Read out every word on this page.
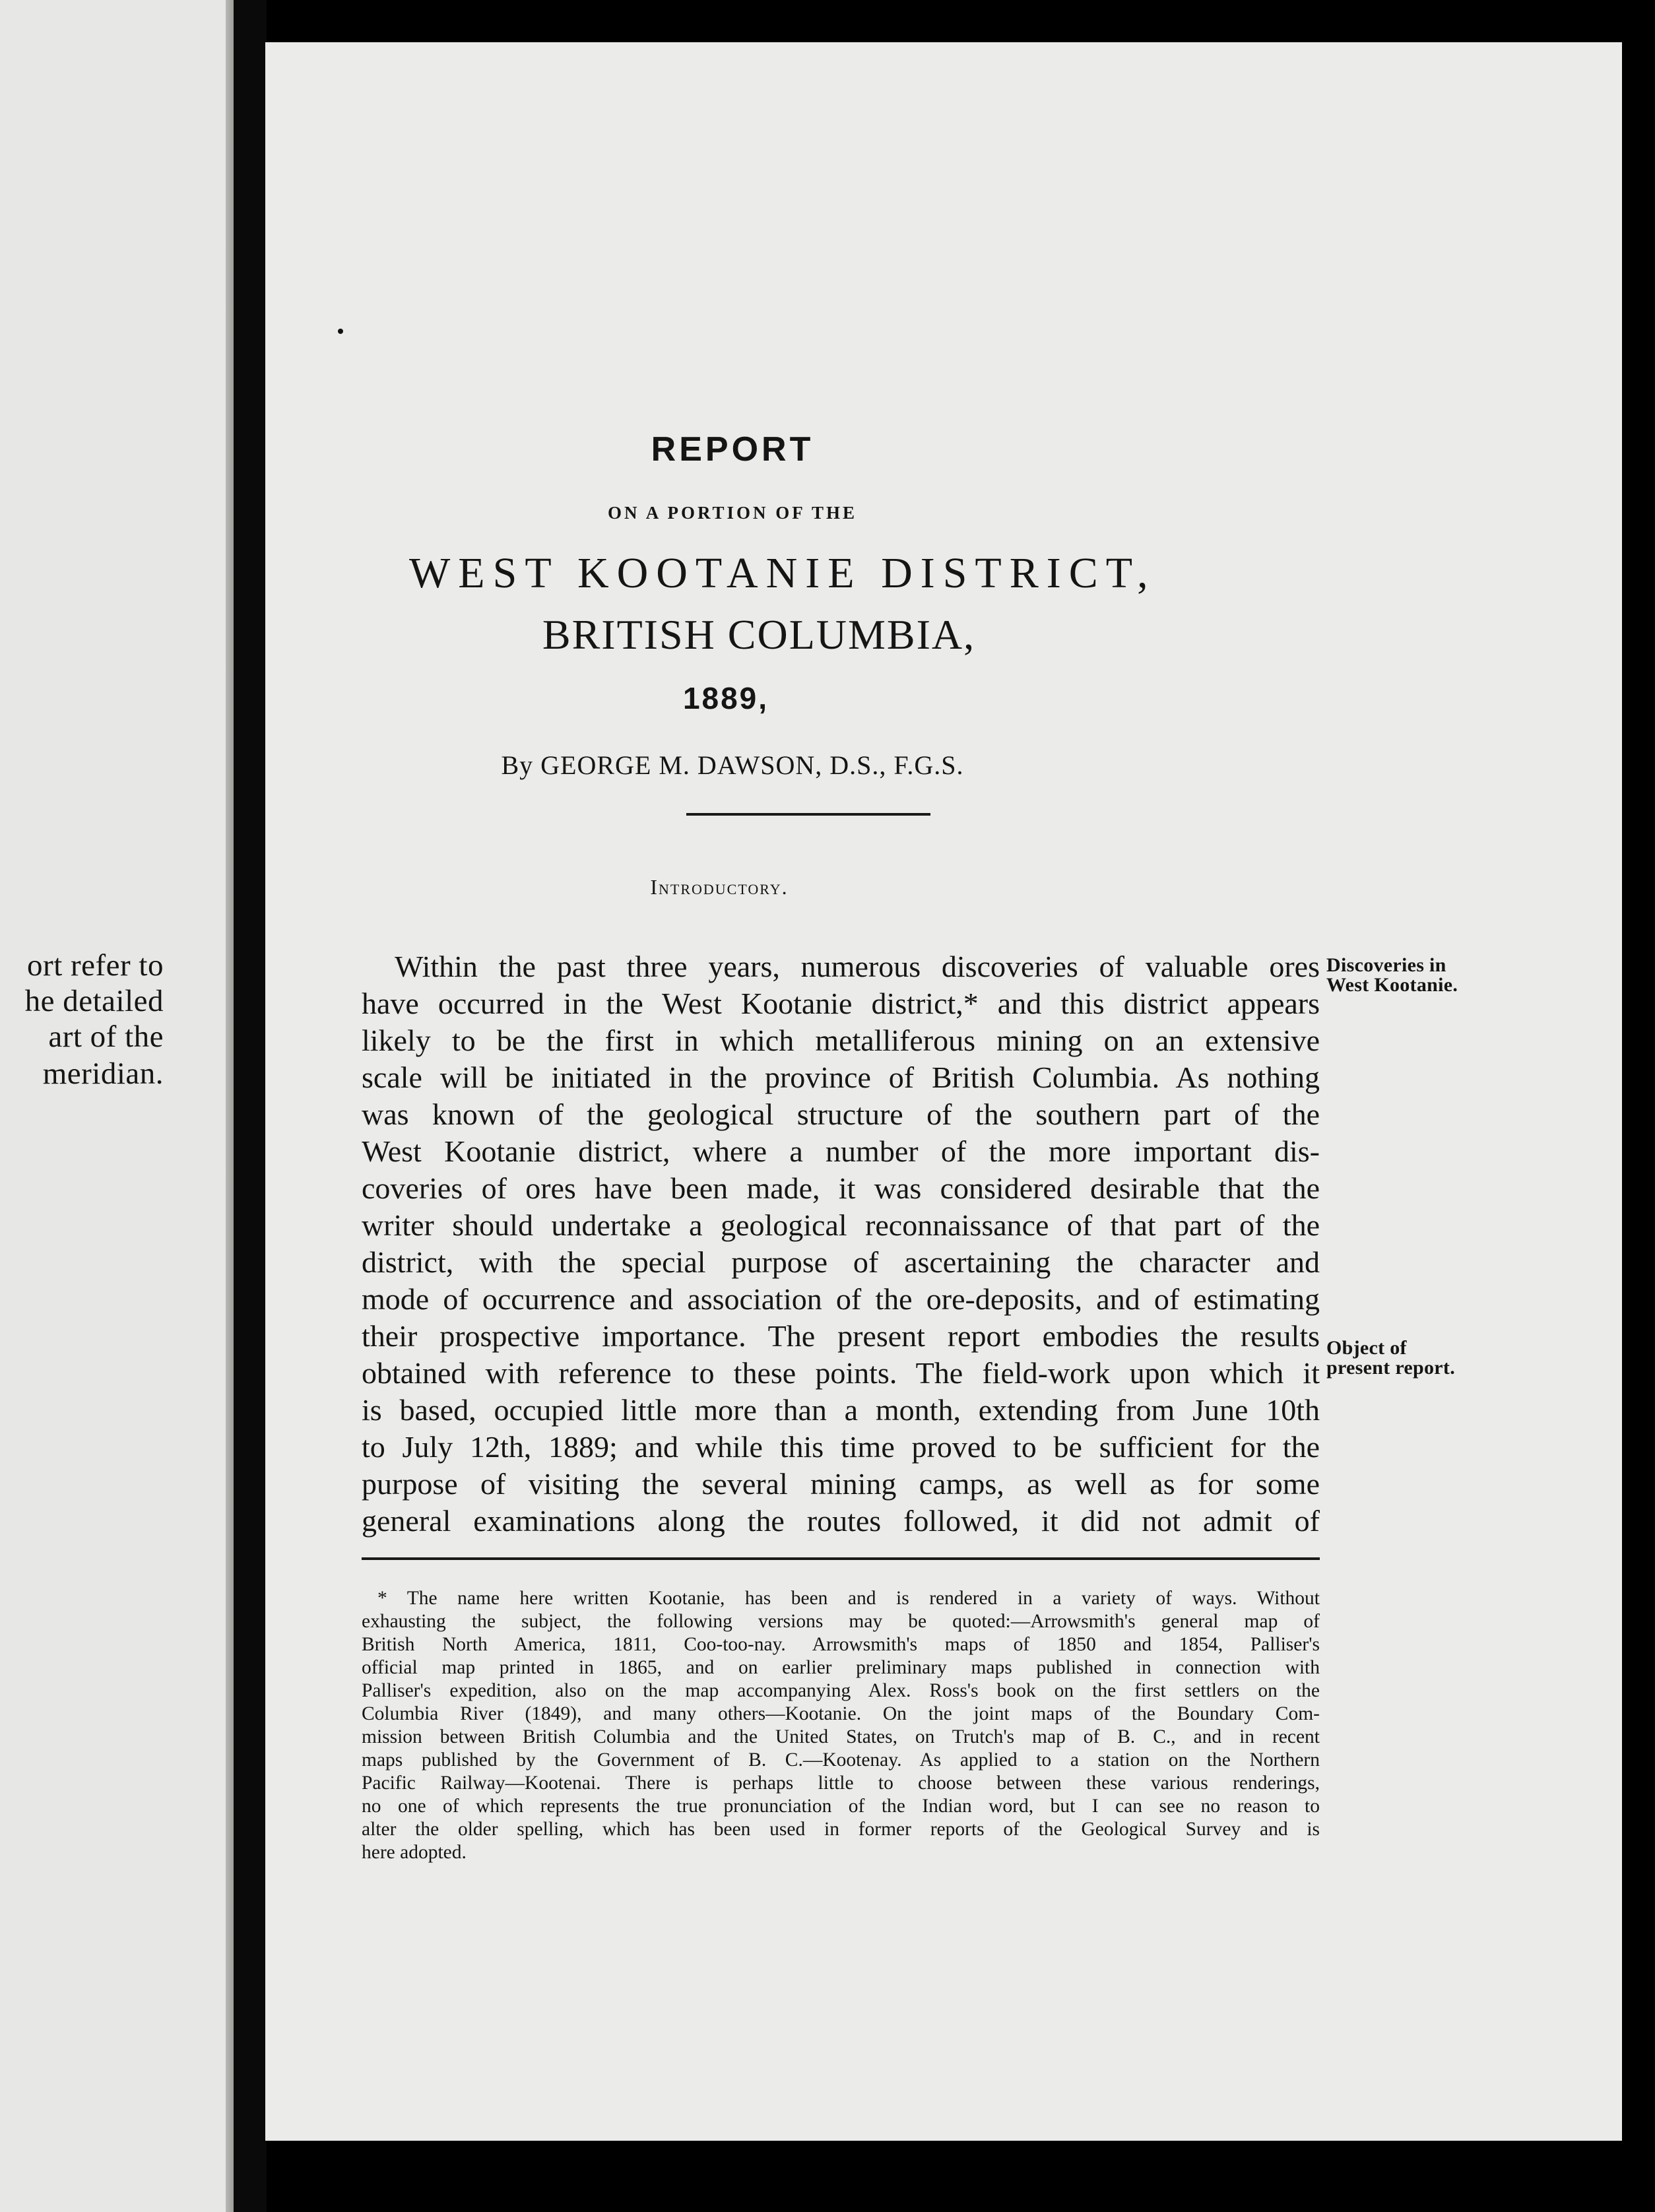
ort refer to
he detailed
art of the
meridian.
REPORT
ON A PORTION OF THE
WEST KOOTANIE DISTRICT,
BRITISH COLUMBIA,
1889,
By GEORGE M. DAWSON, D.S., F.G.S.
Introductory.
Within the past three years, numerous discoveries of valuable ores
have occurred in the West Kootanie district,* and this district appears
likely to be the first in which metalliferous mining on an extensive
scale will be initiated in the province of British Columbia. As nothing
was known of the geological structure of the southern part of the
West Kootanie district, where a number of the more important dis-
coveries of ores have been made, it was considered desirable that the
writer should undertake a geological reconnaissance of that part of the
district, with the special purpose of ascertaining the character and
mode of occurrence and association of the ore-deposits, and of estimating
their prospective importance. The present report embodies the results
obtained with reference to these points. The field-work upon which it
is based, occupied little more than a month, extending from June 10th
to July 12th, 1889; and while this time proved to be sufficient for the
purpose of visiting the several mining camps, as well as for some
general examinations along the routes followed, it did not admit of
Discoveries in
West Kootanie.
Object of
present report.
* The name here written Kootanie, has been and is rendered in a variety of ways. Without
exhausting the subject, the following versions may be quoted:—Arrowsmith's general map of
British North America, 1811, Coo-too-nay. Arrowsmith's maps of 1850 and 1854, Palliser's
official map printed in 1865, and on earlier preliminary maps published in connection with
Palliser's expedition, also on the map accompanying Alex. Ross's book on the first settlers on the
Columbia River (1849), and many others—Kootanie. On the joint maps of the Boundary Com-
mission between British Columbia and the United States, on Trutch's map of B. C., and in recent
maps published by the Government of B. C.—Kootenay. As applied to a station on the Northern
Pacific Railway—Kootenai. There is perhaps little to choose between these various renderings,
no one of which represents the true pronunciation of the Indian word, but I can see no reason to
alter the older spelling, which has been used in former reports of the Geological Survey and is
here adopted.
